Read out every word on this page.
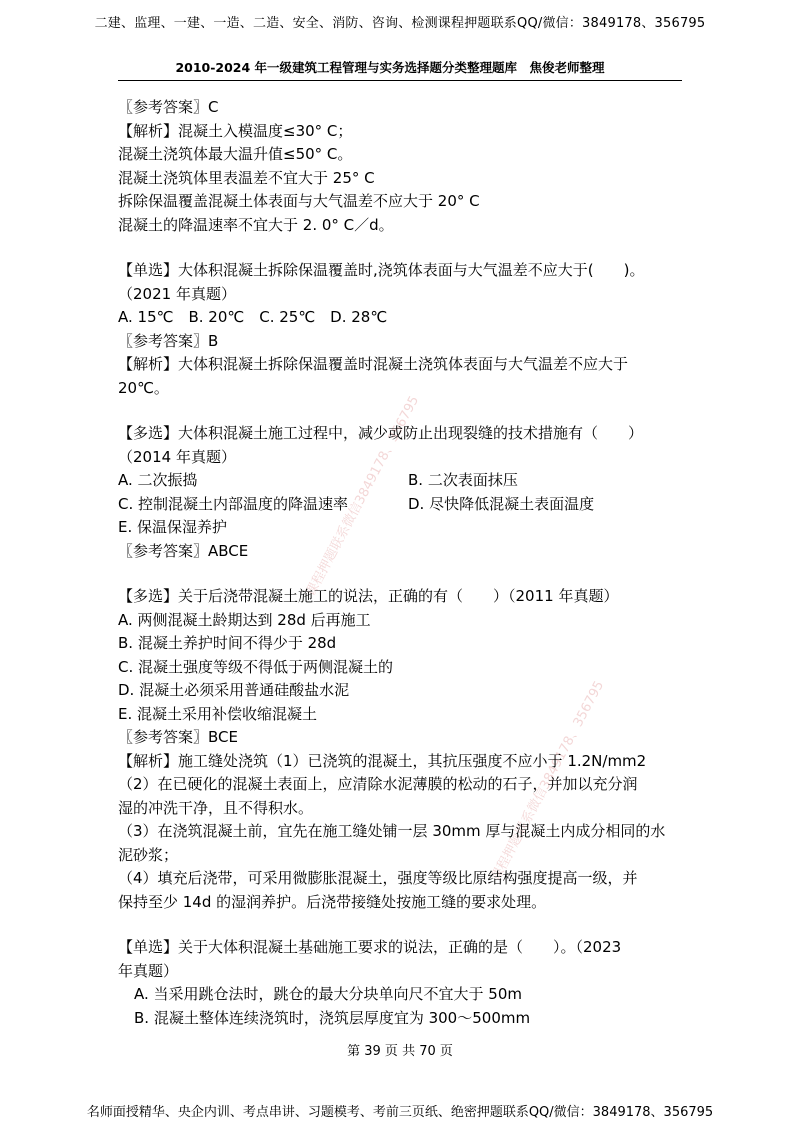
二建、监理、一建、一造、二造、安全、消防、咨询、检测课程押题联系QQ/微信：3849178、356795
2010-2024 年一级建筑工程管理与实务选择题分类整理题库　焦俊老师整理
课程押题联系微信3849178、356795
课程押题联系微信3849178、356795
〖参考答案〗C
【解析】混凝土入模温度≤30° C；
混凝土浇筑体最大温升值≤50° C。
混凝土浇筑体里表温差不宜大于 25° C
拆除保温覆盖混凝土体表面与大气温差不应大于 20° C
混凝土的降温速率不宜大于 2. 0° C／d。
【单选】大体积混凝土拆除保温覆盖时,浇筑体表面与大气温差不应大于(　　)。
（2021 年真题）
A. 15℃　B. 20℃　C. 25℃　D. 28℃
〖参考答案〗B
【解析】大体积混凝土拆除保温覆盖时混凝土浇筑体表面与大气温差不应大于
20℃。
【多选】大体积混凝土施工过程中，减少或防止出现裂缝的技术措施有（　　）
（2014 年真题）
A. 二次振捣	B. 二次表面抹压
C. 控制混凝土内部温度的降温速率	D. 尽快降低混凝土表面温度
E. 保温保湿养护
〖参考答案〗ABCE
【多选】关于后浇带混凝土施工的说法，正确的有（　　）（2011 年真题）
A. 两侧混凝土龄期达到 28d 后再施工
B. 混凝土养护时间不得少于 28d
C. 混凝土强度等级不得低于两侧混凝土的
D. 混凝土必须采用普通硅酸盐水泥
E. 混凝土采用补偿收缩混凝土
〖参考答案〗BCE
【解析】施工缝处浇筑（1）已浇筑的混凝土，其抗压强度不应小于 1.2N/mm2
（2）在已硬化的混凝土表面上，应清除水泥薄膜的松动的石子，并加以充分润
湿的冲洗干净，且不得积水。
（3）在浇筑混凝土前，宜先在施工缝处铺一层 30mm 厚与混凝土内成分相同的水
泥砂浆；
（4）填充后浇带，可采用微膨胀混凝土，强度等级比原结构强度提高一级，并
保持至少 14d 的湿润养护。后浇带接缝处按施工缝的要求处理。
【单选】关于大体积混凝土基础施工要求的说法，正确的是（　　）。（2023
年真题）
A. 当采用跳仓法时，跳仓的最大分块单向尺不宜大于 50m
B. 混凝土整体连续浇筑时，浇筑层厚度宜为 300～500mm
第 39 页 共 70 页
名师面授精华、央企内训、考点串讲、习题模考、考前三页纸、绝密押题联系QQ/微信：3849178、356795
